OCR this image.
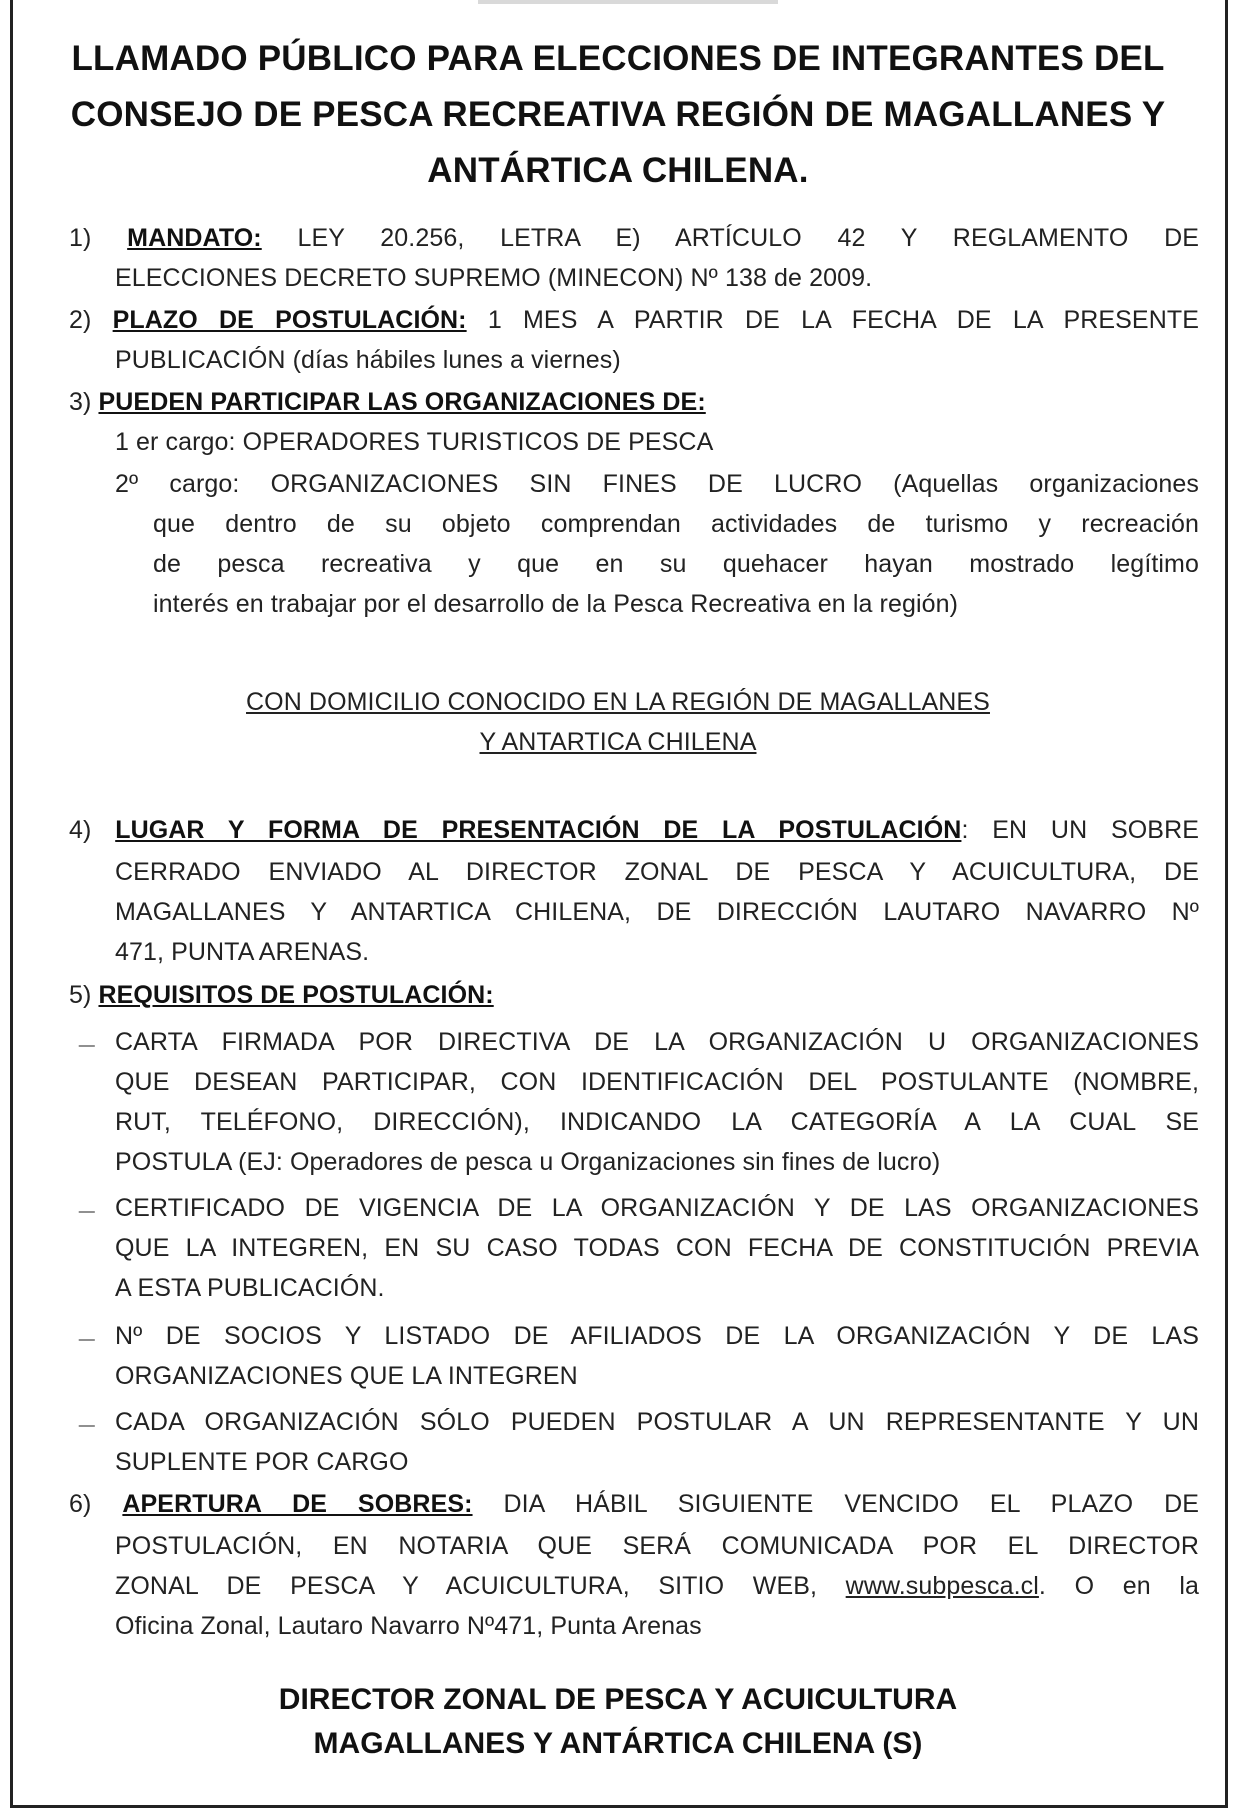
LLAMADO PÚBLICO PARA ELECCIONES DE INTEGRANTES DEL
CONSEJO DE PESCA RECREATIVA REGIÓN DE MAGALLANES Y
ANTÁRTICA CHILENA.
1) MANDATO: LEY 20.256, LETRA E) ARTÍCULO 42 Y REGLAMENTO DE
ELECCIONES DECRETO SUPREMO (MINECON) Nº 138 de 2009.
2) PLAZO DE POSTULACIÓN: 1 MES A PARTIR DE LA FECHA DE LA PRESENTE
PUBLICACIÓN (días hábiles lunes a viernes)
3) PUEDEN PARTICIPAR LAS ORGANIZACIONES DE:
1 er cargo: OPERADORES TURISTICOS DE PESCA
2º cargo: ORGANIZACIONES SIN FINES DE LUCRO (Aquellas organizaciones
que dentro de su objeto comprendan actividades de turismo y recreación
de pesca recreativa y que en su quehacer hayan mostrado legítimo
interés en trabajar por el desarrollo de la Pesca Recreativa en la región)
CON DOMICILIO CONOCIDO EN LA REGIÓN DE MAGALLANES
Y ANTARTICA CHILENA
4) LUGAR Y FORMA DE PRESENTACIÓN DE LA POSTULACIÓN: EN UN SOBRE
CERRADO ENVIADO AL DIRECTOR ZONAL DE PESCA Y ACUICULTURA, DE
MAGALLANES Y ANTARTICA CHILENA, DE DIRECCIÓN LAUTARO NAVARRO Nº
471, PUNTA ARENAS.
5) REQUISITOS DE POSTULACIÓN:
_ CARTA FIRMADA POR DIRECTIVA DE LA ORGANIZACIÓN U ORGANIZACIONES
QUE DESEAN PARTICIPAR, CON IDENTIFICACIÓN DEL POSTULANTE (NOMBRE,
RUT, TELÉFONO, DIRECCIÓN), INDICANDO LA CATEGORÍA A LA CUAL SE
POSTULA (EJ: Operadores de pesca u Organizaciones sin fines de lucro)
_ CERTIFICADO DE VIGENCIA DE LA ORGANIZACIÓN Y DE LAS ORGANIZACIONES
QUE LA INTEGREN, EN SU CASO TODAS CON FECHA DE CONSTITUCIÓN PREVIA
A ESTA PUBLICACIÓN.
_ Nº DE SOCIOS Y LISTADO DE AFILIADOS DE LA ORGANIZACIÓN Y DE LAS
ORGANIZACIONES QUE LA INTEGREN
_ CADA ORGANIZACIÓN SÓLO PUEDEN POSTULAR A UN REPRESENTANTE Y UN
SUPLENTE POR CARGO
6) APERTURA DE SOBRES: DIA HÁBIL SIGUIENTE VENCIDO EL PLAZO DE
POSTULACIÓN, EN NOTARIA QUE SERÁ COMUNICADA POR EL DIRECTOR
ZONAL DE PESCA Y ACUICULTURA, SITIO WEB, www.subpesca.cl. O en la
Oficina Zonal, Lautaro Navarro Nº471, Punta Arenas
DIRECTOR ZONAL DE PESCA Y ACUICULTURA
MAGALLANES Y ANTÁRTICA CHILENA (S)
